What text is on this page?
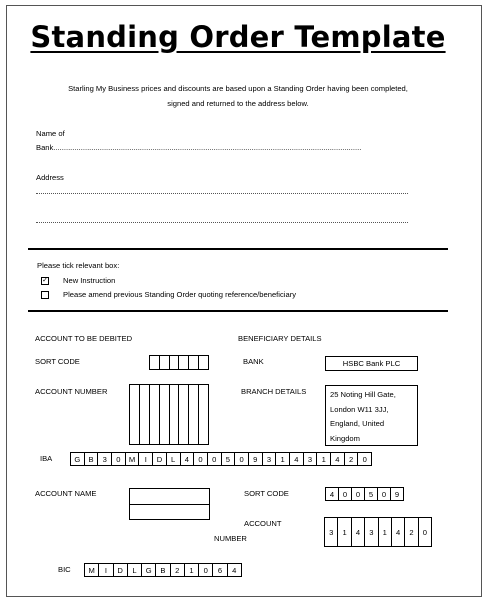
Standing Order Template
Starling My Business prices and discounts are based upon a Standing Order having been completed,
signed and returned to the address below.
Name of
Bank..................................................................................................................................................
Address
Please tick relevant box:
✓ New Instruction
Please amend previous Standing Order quoting reference/beneficiary
ACCOUNT TO BE DEBITED
SORT CODE
ACCOUNT NUMBER
IBA	G	B	3	0	M	I	D	L	4	0	0	5	0	9	3	1	4	3	1	4	2	0
ACCOUNT NAME
BIC	M	I	D	L	G	B	2	1	0	6	4
BENEFICIARY DETAILS
BANK	HSBC Bank PLC
BRANCH DETAILS	25 Noting Hill Gate,
London W11 3JJ,
England, United
Kingdom
SORT CODE	4	0	0	5	0	9
ACCOUNT
NUMBER
3	1	4	3	1	4	2	0
